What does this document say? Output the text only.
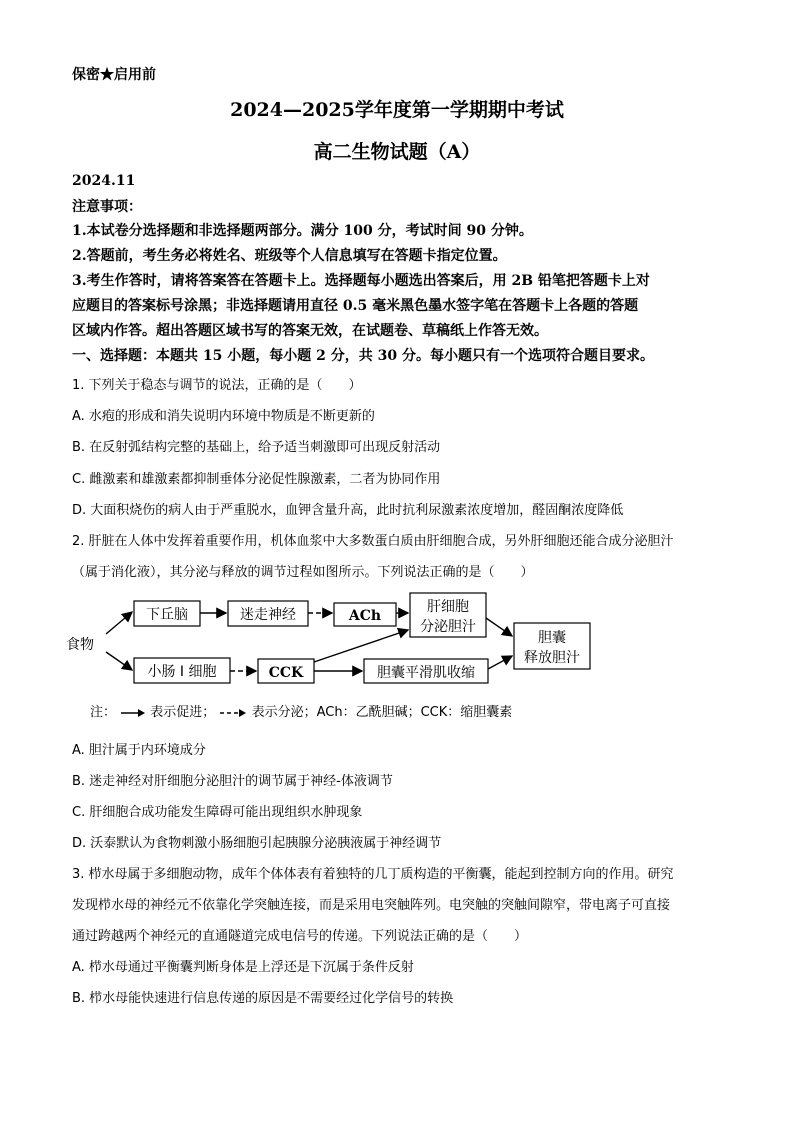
保密★启用前
2024—2025学年度第一学期期中考试
高二生物试题（A）
2024.11
注意事项：
1.本试卷分选择题和非选择题两部分。满分 100 分，考试时间 90 分钟。
2.答题前，考生务必将姓名、班级等个人信息填写在答题卡指定位置。
3.考生作答时，请将答案答在答题卡上。选择题每小题选出答案后，用 2B 铅笔把答题卡上对
应题目的答案标号涂黑；非选择题请用直径 0.5 毫米黑色墨水签字笔在答题卡上各题的答题
区域内作答。超出答题区域书写的答案无效，在试题卷、草稿纸上作答无效。
一、选择题：本题共 15 小题，每小题 2 分，共 30 分。每小题只有一个选项符合题目要求。
1. 下列关于稳态与调节的说法，正确的是（　　）
A. 水疱的形成和消失说明内环境中物质是不断更新的
B. 在反射弧结构完整的基础上，给予适当刺激即可出现反射活动
C. 雌激素和雄激素都抑制垂体分泌促性腺激素，二者为协同作用
D. 大面积烧伤的病人由于严重脱水，血钾含量升高，此时抗利尿激素浓度增加，醛固酮浓度降低
2. 肝脏在人体中发挥着重要作用，机体血浆中大多数蛋白质由肝细胞合成，另外肝细胞还能合成分泌胆汁
（属于消化液），其分泌与释放的调节过程如图所示。下列说法正确的是（　　）
食物
下丘脑	迷走神经	ACh
肝细胞
分泌胆汁
胆囊
释放胆汁
小肠 I 细胞	CCK	胆囊平滑肌收缩
注：	表示促进；	表示分泌；ACh：乙酰胆碱；CCK：缩胆囊素
A. 胆汁属于内环境成分
B. 迷走神经对肝细胞分泌胆汁的调节属于神经-体液调节
C. 肝细胞合成功能发生障碍可能出现组织水肿现象
D. 沃泰默认为食物刺激小肠细胞引起胰腺分泌胰液属于神经调节
3. 栉水母属于多细胞动物，成年个体体表有着独特的几丁质构造的平衡囊，能起到控制方向的作用。研究
发现栉水母的神经元不依靠化学突触连接，而是采用电突触阵列。电突触的突触间隙窄，带电离子可直接
通过跨越两个神经元的直通隧道完成电信号的传递。下列说法正确的是（　　）
A. 栉水母通过平衡囊判断身体是上浮还是下沉属于条件反射
B. 栉水母能快速进行信息传递的原因是不需要经过化学信号的转换
